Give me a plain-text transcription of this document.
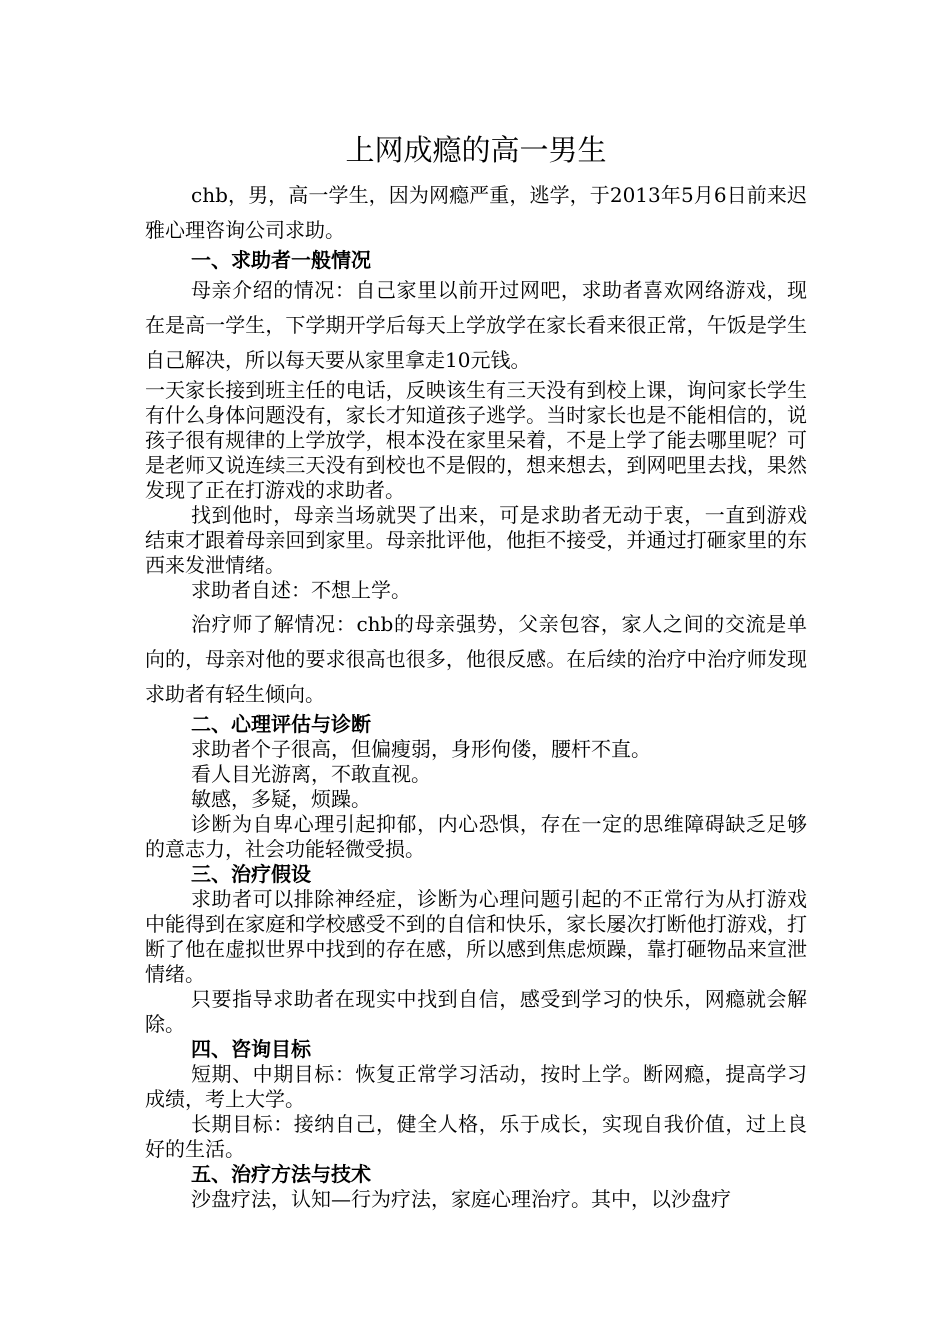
上网成瘾的高一男生

chb，男，高一学生，因为网瘾严重，逃学，于2013年5月6日前来迟雅心理咨询公司求助。

一、求助者一般情况

母亲介绍的情况：自己家里以前开过网吧，求助者喜欢网络游戏，现在是高一学生，下学期开学后每天上学放学在家长看来很正常，午饭是学生自己解决，所以每天要从家里拿走10元钱。

一天家长接到班主任的电话，反映该生有三天没有到校上课，询问家长学生有什么身体问题没有，家长才知道孩子逃学。当时家长也是不能相信的，说孩子很有规律的上学放学，根本没在家里呆着，不是上学了能去哪里呢？可是老师又说连续三天没有到校也不是假的，想来想去，到网吧里去找，果然发现了正在打游戏的求助者。

找到他时，母亲当场就哭了出来，可是求助者无动于衷，一直到游戏结束才跟着母亲回到家里。母亲批评他，他拒不接受，并通过打砸家里的东西来发泄情绪。

求助者自述：不想上学。

治疗师了解情况：chb的母亲强势，父亲包容，家人之间的交流是单向的，母亲对他的要求很高也很多，他很反感。在后续的治疗中治疗师发现求助者有轻生倾向。

二、心理评估与诊断

求助者个子很高，但偏瘦弱，身形佝偻，腰杆不直。

看人目光游离，不敢直视。

敏感，多疑，烦躁。

诊断为自卑心理引起抑郁，内心恐惧，存在一定的思维障碍缺乏足够的意志力，社会功能轻微受损。

三、治疗假设

求助者可以排除神经症，诊断为心理问题引起的不正常行为从打游戏中能得到在家庭和学校感受不到的自信和快乐，家长屡次打断他打游戏，打断了他在虚拟世界中找到的存在感，所以感到焦虑烦躁，靠打砸物品来宣泄情绪。

只要指导求助者在现实中找到自信，感受到学习的快乐，网瘾就会解除。

四、咨询目标

短期、中期目标：恢复正常学习活动，按时上学。断网瘾，提高学习成绩，考上大学。

长期目标：接纳自己，健全人格，乐于成长，实现自我价值，过上良好的生活。

五、治疗方法与技术

沙盘疗法，认知—行为疗法，家庭心理治疗。其中，以沙盘疗
